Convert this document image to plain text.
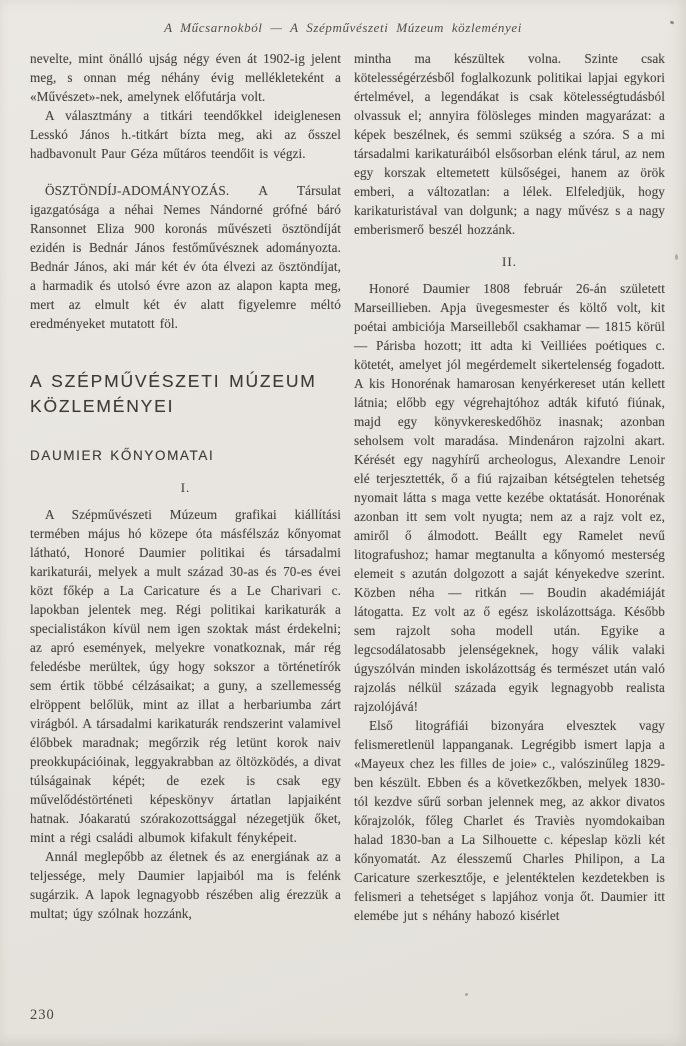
A Műcsarnokból — A Szépművészeti Múzeum közleményei

nevelte, mint önálló ujság négy éven át 1902-ig jelent meg, s onnan még néhány évig mellékleteként a «Művészet»-nek, amelynek előfutárja volt.

A választmány a titkári teendőkkel ideiglenesen Lesskó János h.-titkárt bízta meg, aki az ősszel hadbavonult Paur Géza műtáros teendőit is végzi.

ÖSZTÖNDÍJ-ADOMÁNYOZÁS. A Társulat igazgatósága a néhai Nemes Nándorné grófné báró Ransonnet Eliza 900 koronás művészeti ösztöndíját ezidén is Bednár János festőművésznek adományozta. Bednár János, aki már két év óta élvezi az ösztöndíjat, a harmadik és utolsó évre azon az alapon kapta meg, mert az elmult két év alatt figyelemre méltó eredményeket mutatott föl.

A SZÉPMŰVÉSZETI MÚZEUM KÖZLEMÉNYEI
DAUMIER KŐNYOMATAI
I.

A Szépművészeti Múzeum grafikai kiállítási termében május hó közepe óta másfélszáz kőnyomat látható, Honoré Daumier politikai és társadalmi karikaturái, melyek a mult század 30-as és 70-es évei közt főkép a La Caricature és a Le Charivari c. lapokban jelentek meg. Régi politikai karikaturák a specialistákon kívül nem igen szoktak mást érdekelni; az apró események, melyekre vonatkoznak, már rég feledésbe merültek, úgy hogy sokszor a történetírók sem értik többé célzásaikat; a guny, a szellemesség elröppent belőlük, mint az illat a herbariumba zárt virágból. A társadalmi karikaturák rendszerint valamivel élőbbek maradnak; megőrzik rég letünt korok naiv preokkupációinak, leggyakrabban az öltözködés, a divat túlságainak képét; de ezek is csak egy művelődéstörténeti képeskönyv ártatlan lapjaiként hatnak. Jóakaratú szórakozottsággal nézegetjük őket, mint a régi családi albumok kifakult fényképeit.

Annál meglepőbb az életnek és az energiának az a teljessége, mely Daumier lapjaiból ma is felénk sugárzik. A lapok legnagyobb részében alig érezzük a multat; úgy szólnak hozzánk,

mintha ma készültek volna. Szinte csak kötelességérzésből foglalkozunk politikai lapjai egykori értelmével, a legendákat is csak kötelességtudásból olvassuk el; annyira fölösleges minden magyarázat: a képek beszélnek, és semmi szükség a szóra. S a mi társadalmi karikaturáiból elsősorban elénk tárul, az nem egy korszak eltemetett külsőségei, hanem az örök emberi, a változatlan: a lélek. Elfeledjük, hogy karikaturistával van dolgunk; a nagy művész s a nagy emberismerő beszél hozzánk.

II.

Honoré Daumier 1808 február 26-án született Marseillieben. Apja üvegesmester és költő volt, kit poétai ambiciója Marseilleből csakhamar — 1815 körül — Párisba hozott; itt adta ki Veilliées poétiques c. kötetét, amelyet jól megérdemelt sikertelenség fogadott. A kis Honorénak hamarosan kenyérkereset után kellett látnia; előbb egy végrehajtóhoz adták kifutó fiúnak, majd egy könyvkereskedőhöz inasnak; azonban seholsem volt maradása. Mindenáron rajzolni akart. Kérését egy nagyhírű archeologus, Alexandre Lenoir elé terjesztették, ő a fiú rajzaiban kétségtelen tehetség nyomait látta s maga vette kezébe oktatását. Honorénak azonban itt sem volt nyugta; nem az a rajz volt ez, amiről ő álmodott. Beállt egy Ramelet nevű litografushoz; hamar megtanulta a kőnyomó mesterség elemeit s azután dolgozott a saját kényekedve szerint. Közben néha — ritkán — Boudin akadémiáját látogatta. Ez volt az ő egész iskolázottsága. Később sem rajzolt soha modell után. Egyike a legcsodálatosabb jelenségeknek, hogy válik valaki úgyszólván minden iskolázottság és természet után való rajzolás nélkül százada egyik legnagyobb realista rajzolójává!

Első litográfiái bizonyára elvesztek vagy felismeretlenül lappanganak. Legrégibb ismert lapja a «Mayeux chez les filles de joie» c., valószinűleg 1829-ben készült. Ebben és a következőkben, melyek 1830-tól kezdve sűrű sorban jelennek meg, az akkor divatos kőrajzolók, főleg Charlet és Traviès nyomdokaiban halad 1830-ban a La Silhouette c. képeslap közli két kőnyomatát. Az élesszemű Charles Philipon, a La Caricature szerkesztője, e jelentéktelen kezdetekben is felismeri a tehetséget s lapjához vonja őt. Daumier itt elemébe jut s néhány habozó kisérlet

230
